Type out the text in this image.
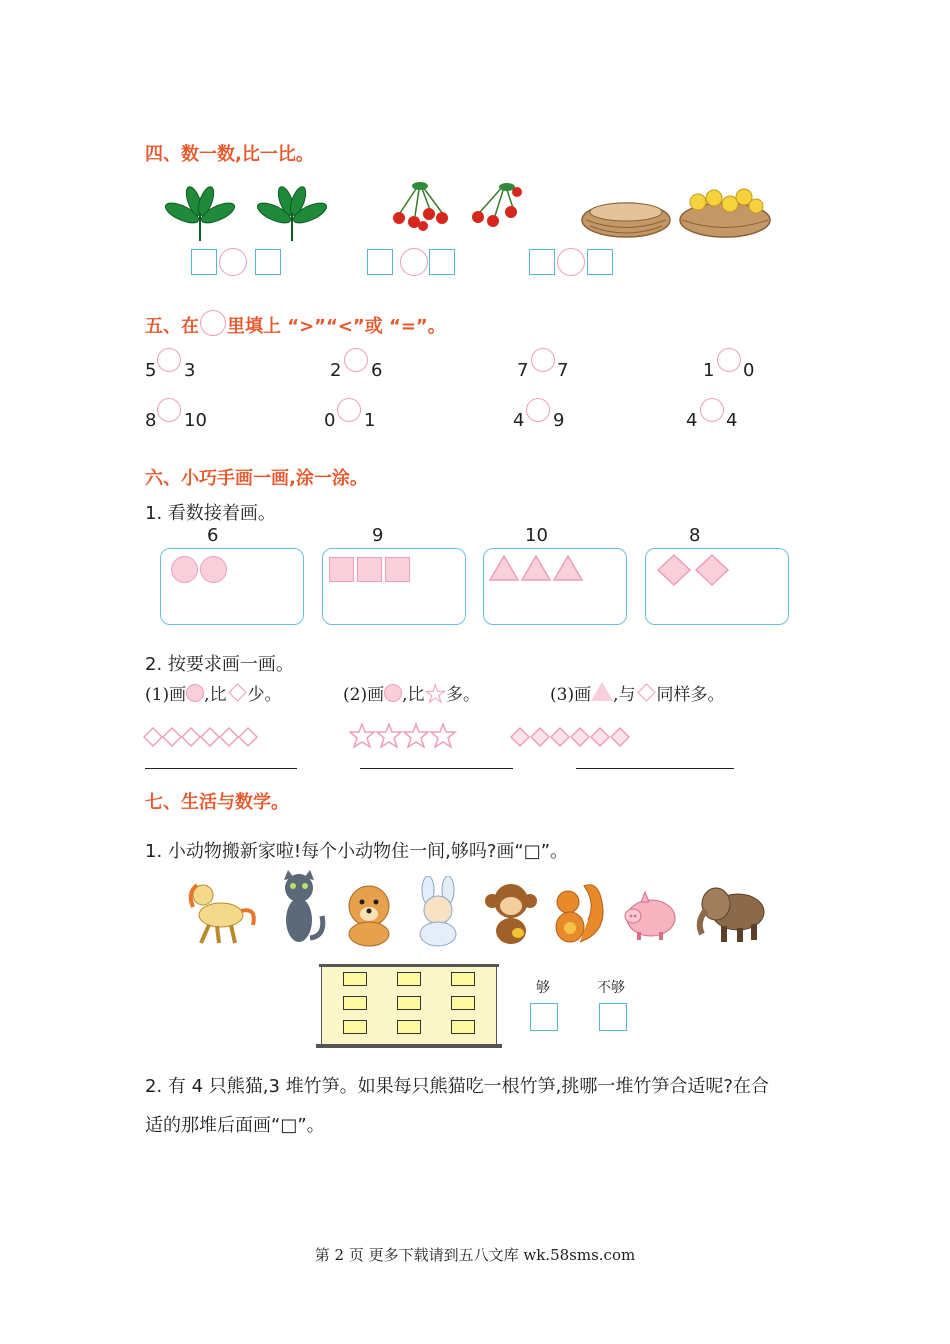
四、数一数,比一比。
五、在 里填上 “>”“<”或 “=”。
5 3	2 6	7 7	1 0
8 10	0 1	4 9	4 4
六、小巧手画一画,涂一涂。
1. 看数接着画。
6	9	10	8
2. 按要求画一画。
(1)画 ,比 少。	(2)画 ,比★多。	(3)画 ,与 同样多。
七、生活与数学。
1. 小动物搬新家啦!每个小动物住一间,够吗?画“□”。
够	不够
2. 有 4 只熊猫,3 堆竹笋。如果每只熊猫吃一根竹笋,挑哪一堆竹笋合适呢?在合
适的那堆后面画“□”。
第 2 页 更多下载请到五八文库 wk.58sms.com
